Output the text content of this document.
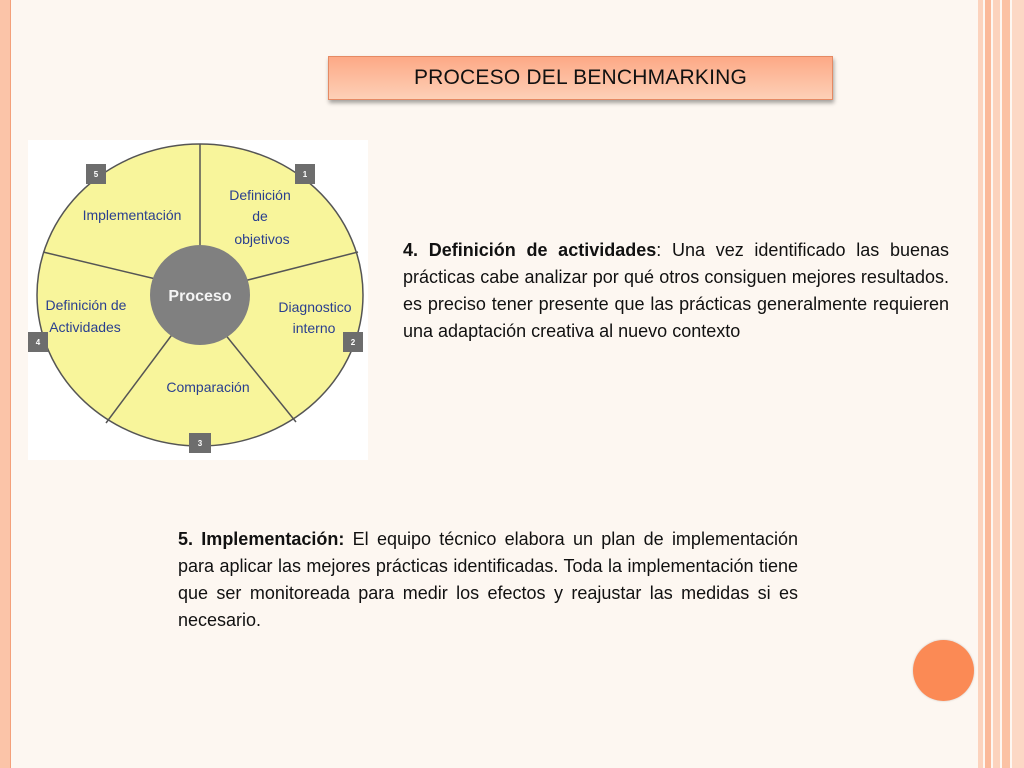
PROCESO DEL BENCHMARKING
Proceso
Definición
de
objetivos
Diagnostico
interno
Comparación
Definición de
Actividades
Implementación
1
2
3
4
5

4. Definición de actividades: Una vez identificado las buenas prácticas cabe analizar por qué otros consiguen mejores resultados. es preciso tener presente que las prácticas generalmente requieren una adaptación creativa al nuevo contexto

5. Implementación: El equipo técnico elabora un plan de implementación para aplicar las mejores prácticas identificadas. Toda la implementación tiene que ser monitoreada para medir los efectos y reajustar las medidas si es necesario.
